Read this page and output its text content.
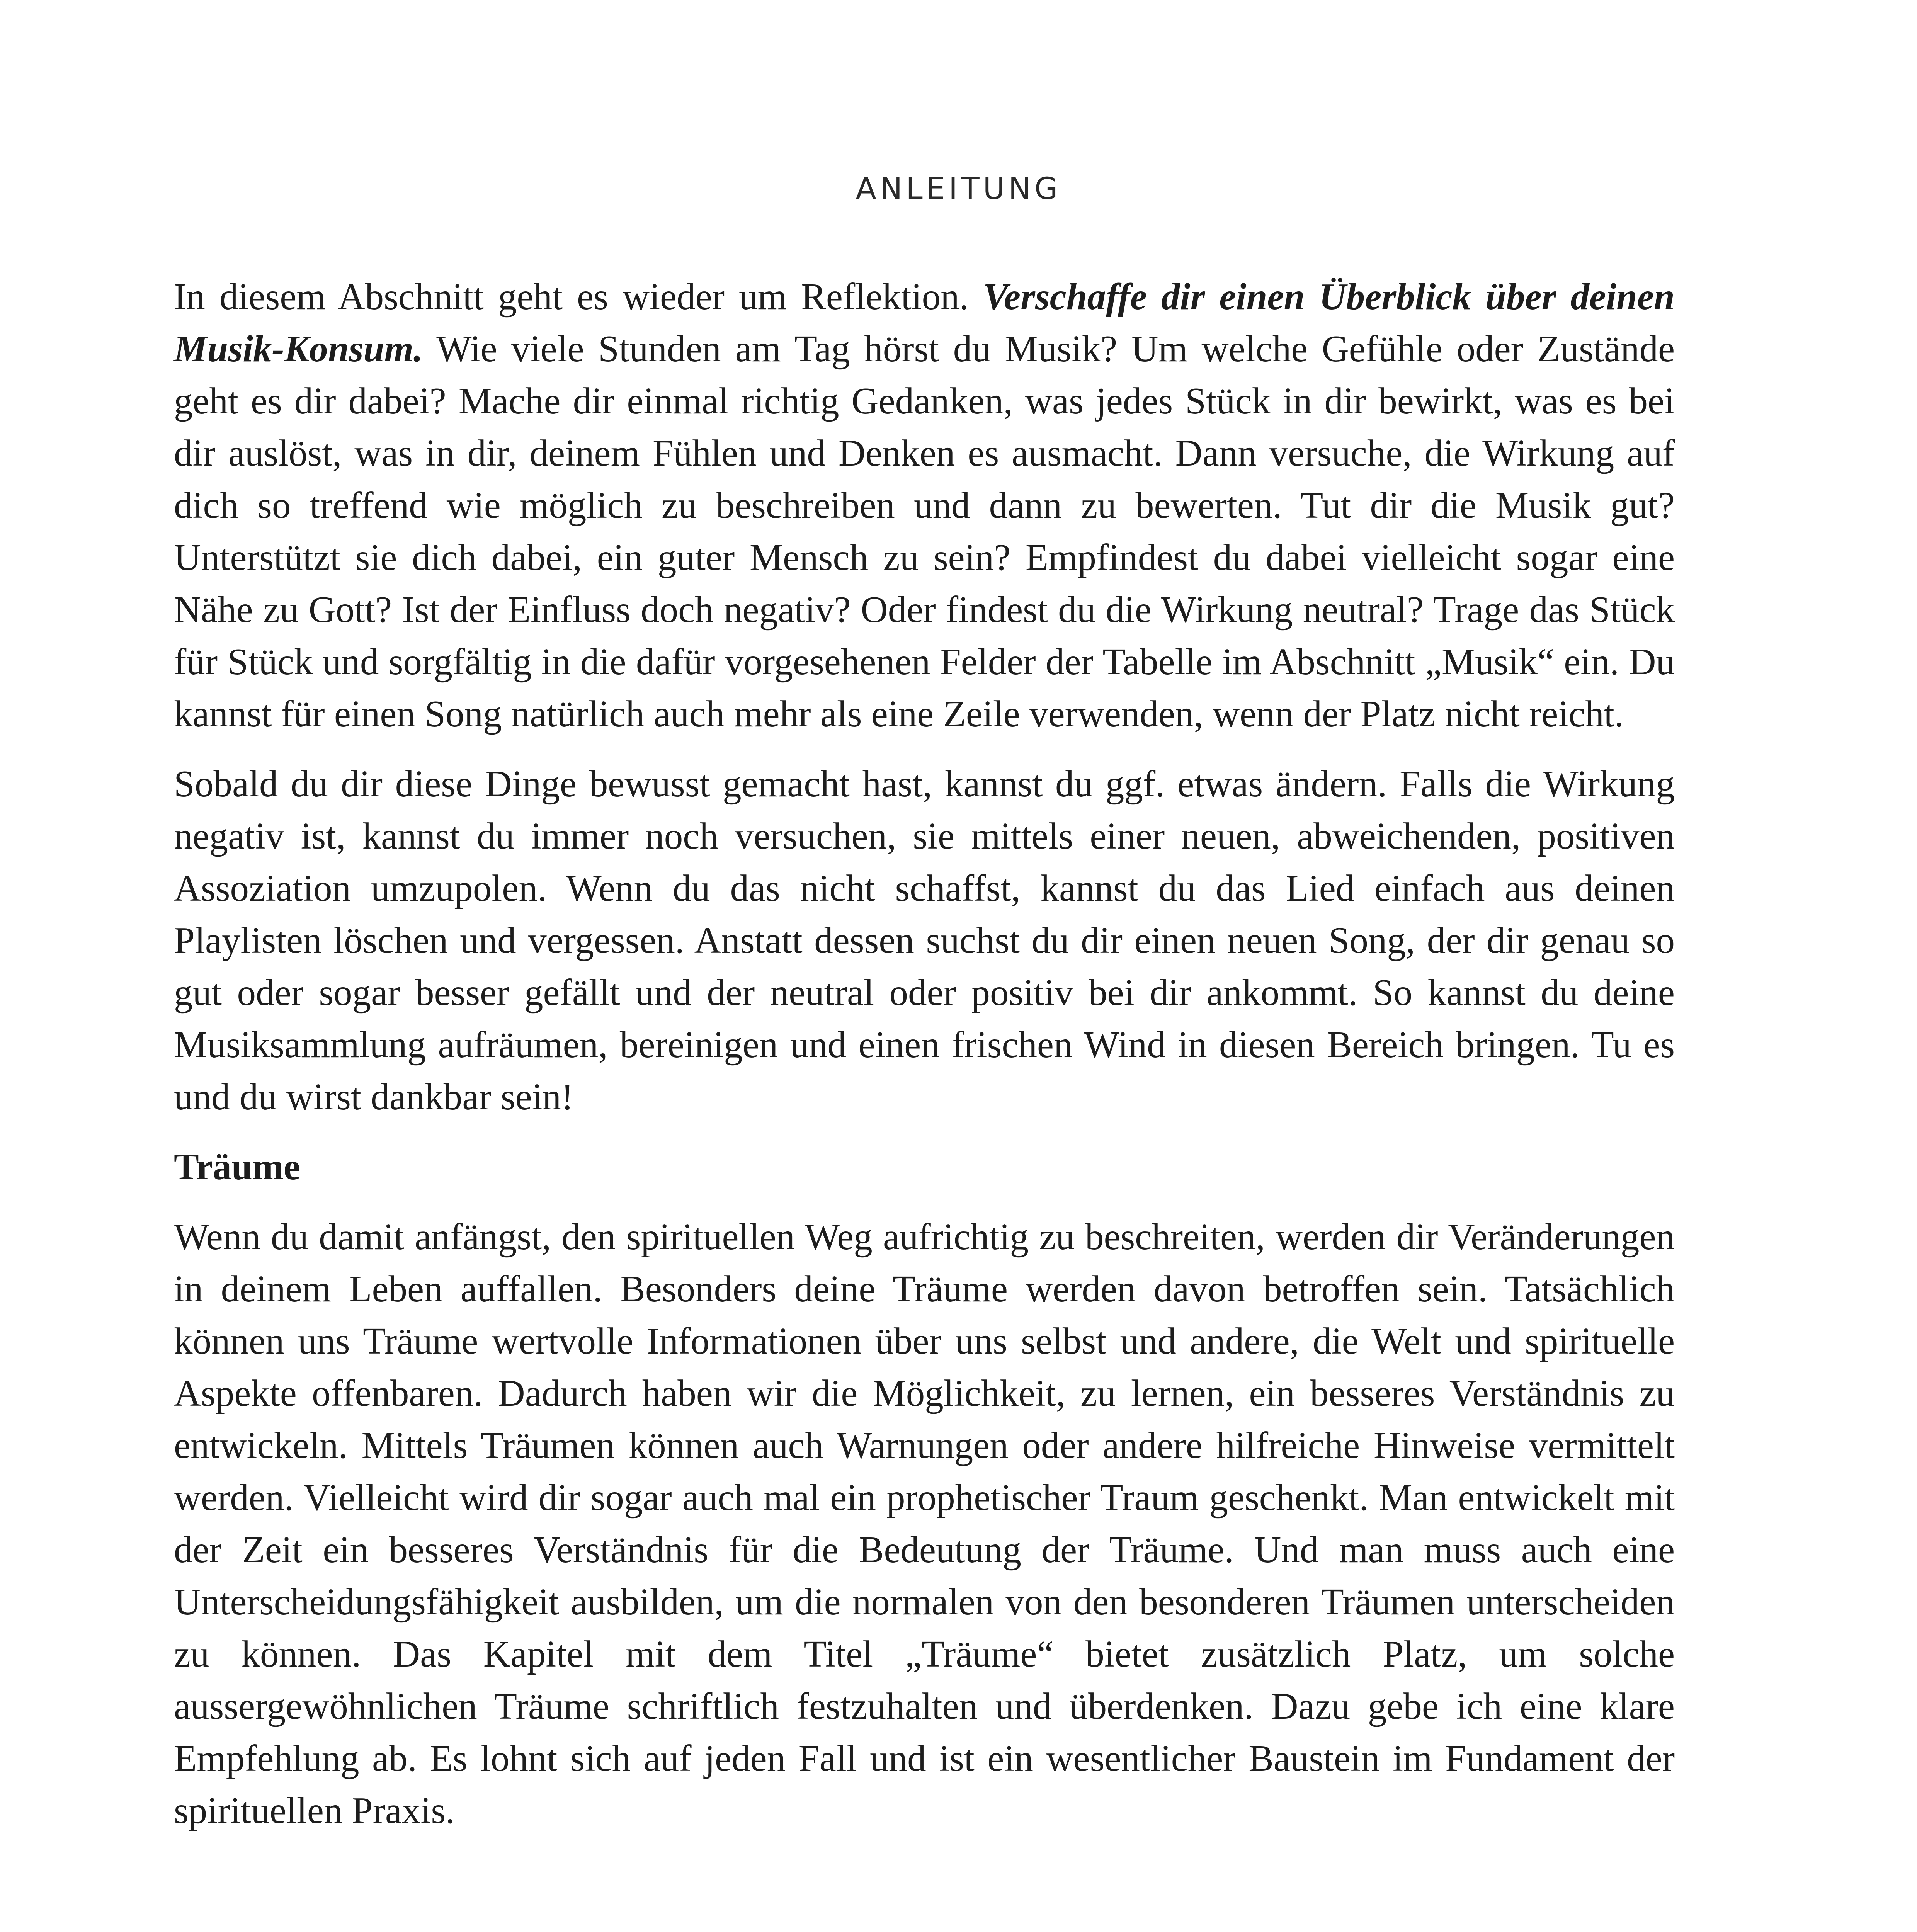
ANLEITUNG

In diesem Abschnitt geht es wieder um Reflektion. Verschaffe dir einen Überblick über deinen Musik-Konsum. Wie viele Stunden am Tag hörst du Musik? Um welche Gefühle oder Zustände geht es dir dabei? Mache dir einmal richtig Gedanken, was jedes Stück in dir bewirkt, was es bei dir auslöst, was in dir, deinem Fühlen und Denken es ausmacht. Dann versuche, die Wirkung auf dich so treffend wie möglich zu beschreiben und dann zu bewerten. Tut dir die Musik gut? Unterstützt sie dich dabei, ein guter Mensch zu sein? Empfindest du dabei vielleicht sogar eine Nähe zu Gott? Ist der Einfluss doch negativ? Oder findest du die Wirkung neutral? Trage das Stück für Stück und sorgfältig in die dafür vorgesehenen Felder der Tabelle im Abschnitt „Musik“ ein. Du kannst für einen Song natürlich auch mehr als eine Zeile verwenden, wenn der Platz nicht reicht.

Sobald du dir diese Dinge bewusst gemacht hast, kannst du ggf. etwas ändern. Falls die Wirkung negativ ist, kannst du immer noch versuchen, sie mittels einer neuen, abweichenden, positiven Assoziation umzupolen. Wenn du das nicht schaffst, kannst du das Lied einfach aus deinen Playlisten löschen und vergessen. Anstatt dessen suchst du dir einen neuen Song, der dir genau so gut oder sogar besser gefällt und der neutral oder positiv bei dir ankommt. So kannst du deine Musiksammlung aufräumen, bereinigen und einen frischen Wind in diesen Bereich bringen. Tu es und du wirst dankbar sein!

Träume

Wenn du damit anfängst, den spirituellen Weg aufrichtig zu beschreiten, werden dir Veränderungen in deinem Leben auffallen. Besonders deine Träume werden davon betroffen sein. Tatsächlich können uns Träume wertvolle Informationen über uns selbst und andere, die Welt und spirituelle Aspekte offenbaren. Dadurch haben wir die Möglichkeit, zu lernen, ein besseres Verständnis zu entwickeln. Mittels Träumen können auch Warnungen oder andere hilfreiche Hinweise vermittelt werden. Vielleicht wird dir sogar auch mal ein prophetischer Traum geschenkt. Man entwickelt mit der Zeit ein besseres Verständnis für die Bedeutung der Träume. Und man muss auch eine Unterscheidungsfähigkeit ausbilden, um die normalen von den besonderen Träumen unterscheiden zu können. Das Kapitel mit dem Titel „Träume“ bietet zusätzlich Platz, um solche aussergewöhnlichen Träume schriftlich festzuhalten und überdenken. Dazu gebe ich eine klare Empfehlung ab. Es lohnt sich auf jeden Fall und ist ein wesentlicher Baustein im Fundament der spirituellen Praxis.
